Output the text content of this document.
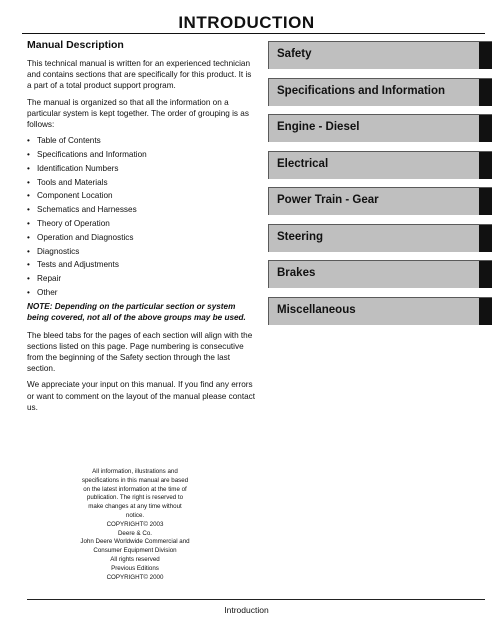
INTRODUCTION
Manual Description

This technical manual is written for an experienced technician and contains sections that are specifically for this product. It is a part of a total product support program.

The manual is organized so that all the information on a particular system is kept together. The order of grouping is as follows:

• Table of Contents
• Specifications and Information
• Identification Numbers
• Tools and Materials
• Component Location
• Schematics and Harnesses
• Theory of Operation
• Operation and Diagnostics
• Diagnostics
• Tests and Adjustments
• Repair
• Other

NOTE: Depending on the particular section or system being covered, not all of the above groups may be used.

The bleed tabs for the pages of each section will align with the sections listed on this page. Page numbering is consecutive from the beginning of the Safety section through the last section.

We appreciate your input on this manual. If you find any errors or want to comment on the layout of the manual please contact us.

All information, illustrations and
specifications in this manual are based
on the latest information at the time of
publication. The right is reserved to
make changes at any time without
notice.
COPYRIGHT© 2003
Deere & Co.
John Deere Worldwide Commercial and
Consumer Equipment Division
All rights reserved
Previous Editions
COPYRIGHT© 2000
Safety
Specifications and Information
Engine - Diesel
Electrical
Power Train - Gear
Steering
Brakes
Miscellaneous
Introduction
